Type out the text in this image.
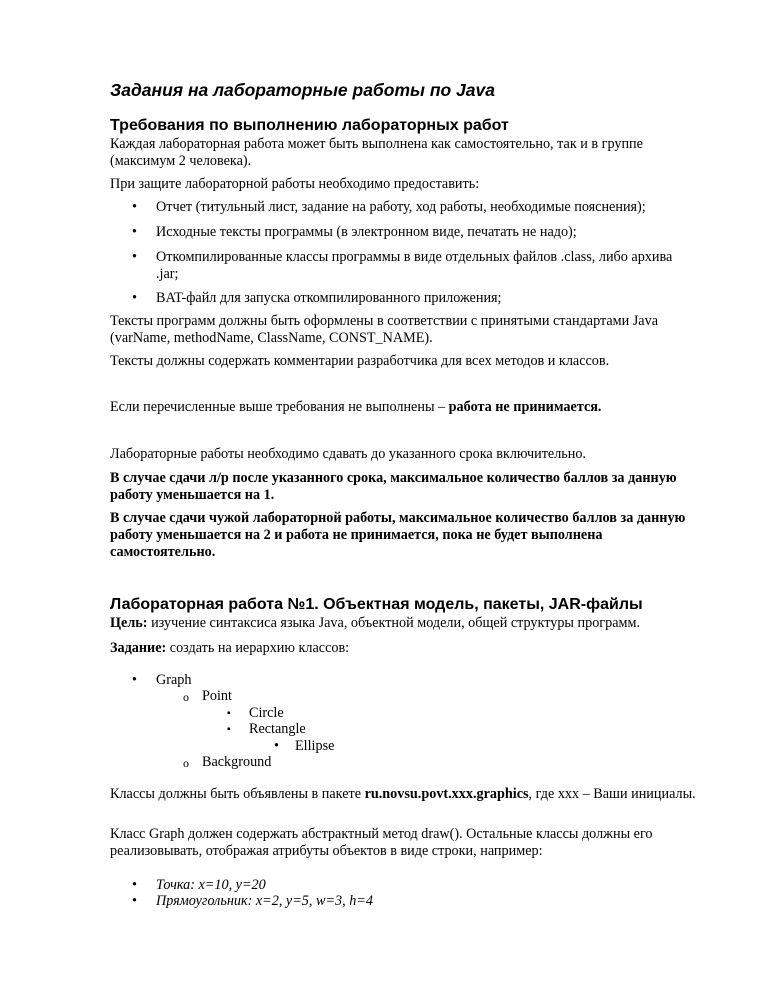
Задания на лабораторные работы по Java
Требования по выполнению лабораторных работ
Каждая лабораторная работа может быть выполнена как самостоятельно, так и в группе (максимум 2 человека).
При защите лабораторной работы необходимо предоставить:
• Отчет (титульный лист, задание на работу, ход работы, необходимые пояснения);
• Исходные тексты программы (в электронном виде, печатать не надо);
• Откомпилированные классы программы в виде отдельных файлов .class, либо архива .jar;
• BAT-файл для запуска откомпилированного приложения;
Тексты программ должны быть оформлены в соответствии с принятыми стандартами Java (varName, methodName, ClassName, CONST_NAME).
Тексты должны содержать комментарии разработчика для всех методов и классов.
Если перечисленные выше требования не выполнены – работа не принимается.
Лабораторные работы необходимо сдавать до указанного срока включительно.
В случае сдачи л/р после указанного срока, максимальное количество баллов за данную работу уменьшается на 1.
В случае сдачи чужой лабораторной работы, максимальное количество баллов за данную работу уменьшается на 2 и работа не принимается, пока не будет выполнена самостоятельно.
Лабораторная работа №1. Объектная модель, пакеты, JAR-файлы
Цель: изучение синтаксиса языка Java, объектной модели, общей структуры программ.
Задание: создать на иерархию классов:
• Graph
o Point
▪ Circle
▪ Rectangle
• Ellipse
o Background
Классы должны быть объявлены в пакете ru.novsu.povt.xxx.graphics, где xxx – Ваши инициалы.
Класс Graph должен содержать абстрактный метод draw(). Остальные классы должны его реализовывать, отображая атрибуты объектов в виде строки, например:
• Точка: x=10, y=20
• Прямоугольник: x=2, y=5, w=3, h=4
